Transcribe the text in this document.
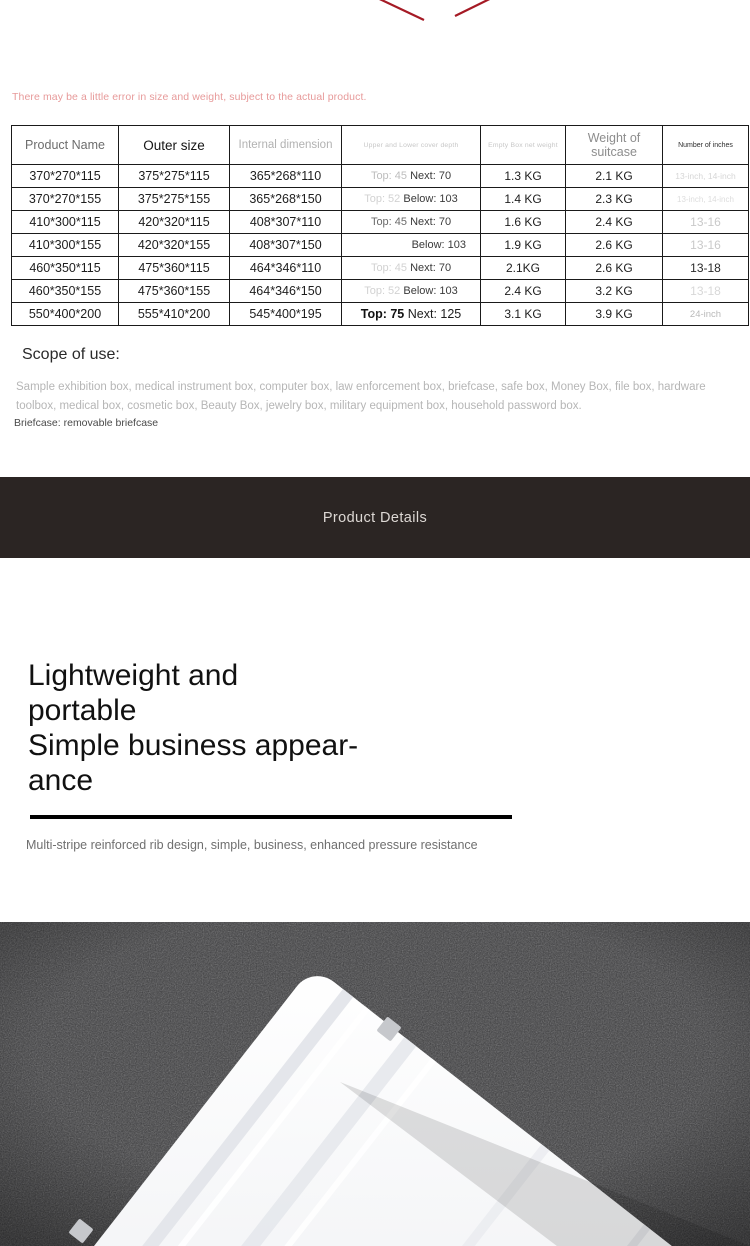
There may be a little error in size and weight, subject to the actual product.
Product Name	Outer size	Internal dimension	Upper and Lower cover depth	Empty Box net weight	Weight of suitcase	Number of inches
370*270*115	375*275*115	365*268*110	Top: 45 Next: 70	1.3 KG	2.1 KG	13-inch, 14-inch
370*270*155	375*275*155	365*268*150	Top: 52 Below: 103	1.4 KG	2.3 KG	13-inch, 14-inch
410*300*115	420*320*115	408*307*110	Top: 45 Next: 70	1.6 KG	2.4 KG	13-16
410*300*155	420*320*155	408*307*150	Below: 103	1.9 KG	2.6 KG	13-16
460*350*115	475*360*115	464*346*110	Top: 45 Next: 70	2.1KG	2.6 KG	13-18
460*350*155	475*360*155	464*346*150	Top: 52 Below: 103	2.4 KG	3.2 KG	13-18
550*400*200	555*410*200	545*400*195	Top: 75 Next: 125	3.1 KG	3.9 KG	24-inch
Scope of use:
Sample exhibition box, medical instrument box, computer box, law enforcement box, briefcase, safe box, Money Box, file box, hardware toolbox, medical box, cosmetic box, Beauty Box, jewelry box, military equipment box, household password box.
Briefcase: removable briefcase
Product Details
Lightweight and
portable
Simple business appear-
ance
Multi-stripe reinforced rib design, simple, business, enhanced pressure resistance
